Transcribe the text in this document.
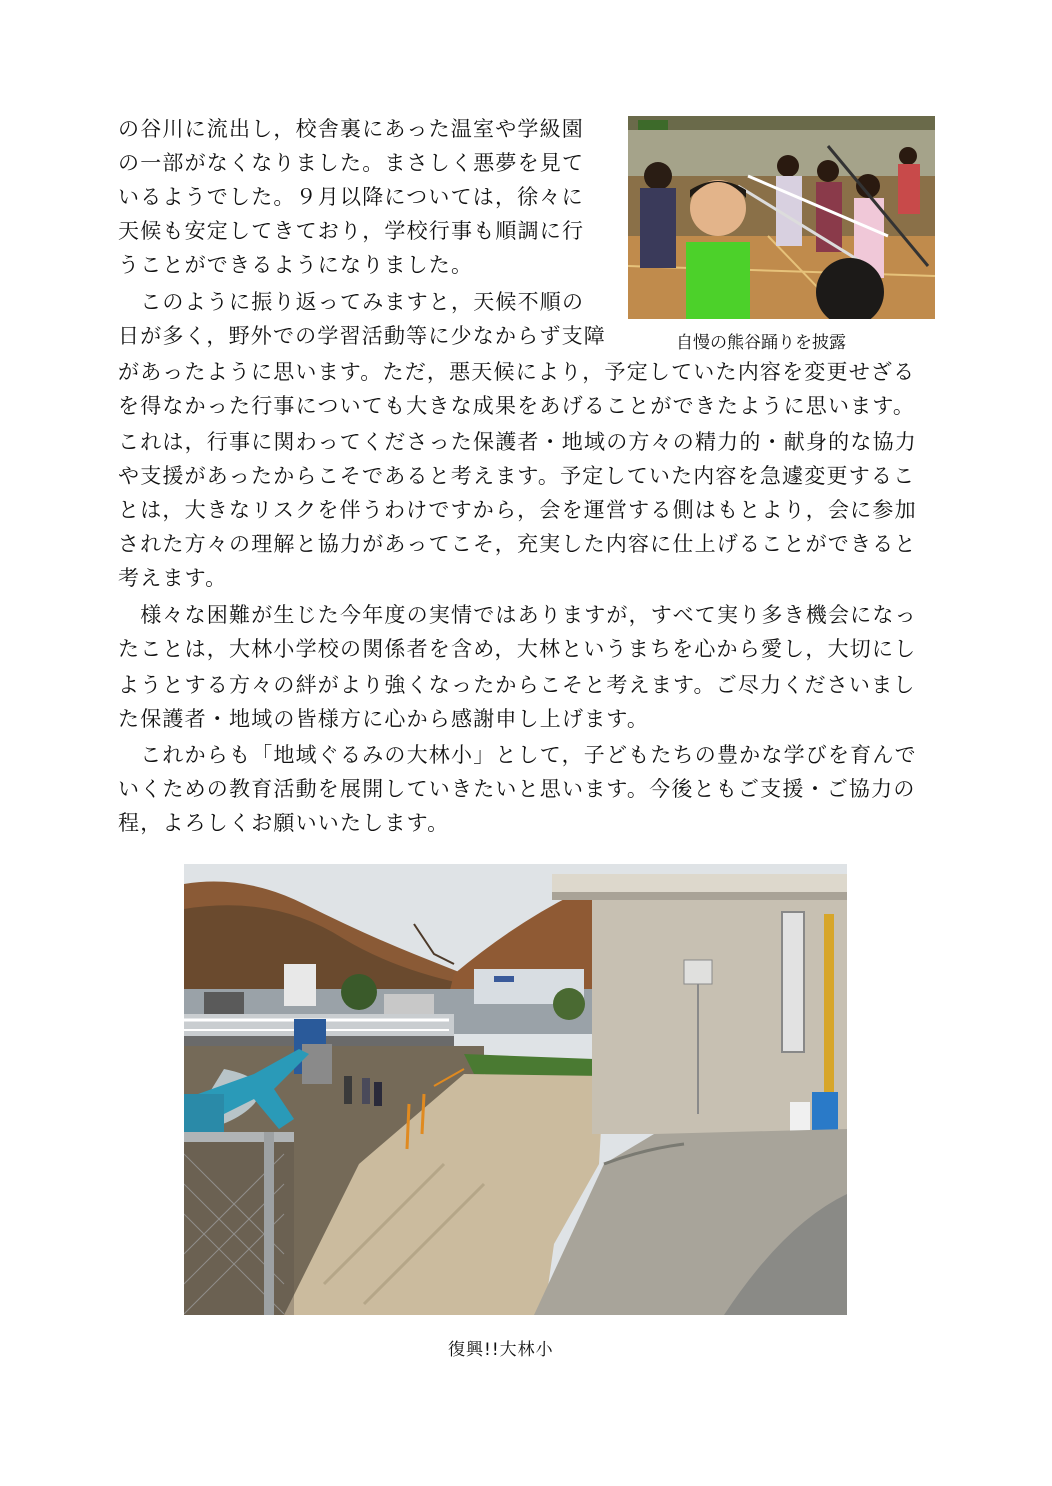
の谷川に流出し，校舎裏にあった温室や学級園
の一部がなくなりました。まさしく悪夢を見て
いるようでした。９月以降については，徐々に
天候も安定してきており，学校行事も順調に行
うことができるようになりました。
　このように振り返ってみますと，天候不順の
日が多く，野外での学習活動等に少なからず支障	自慢の熊谷踊りを披露
があったように思います。ただ，悪天候により，予定していた内容を変更せざる
を得なかった行事についても大きな成果をあげることができたように思います。
これは，行事に関わってくださった保護者・地域の方々の精力的・献身的な協力
や支援があったからこそであると考えます。予定していた内容を急遽変更するこ
とは，大きなリスクを伴うわけですから，会を運営する側はもとより，会に参加
された方々の理解と協力があってこそ，充実した内容に仕上げることができると
考えます。
　様々な困難が生じた今年度の実情ではありますが，すべて実り多き機会になっ
たことは，大林小学校の関係者を含め，大林というまちを心から愛し，大切にし
ようとする方々の絆がより強くなったからこそと考えます。ご尽力くださいまし
た保護者・地域の皆様方に心から感謝申し上げます。
　これからも「地域ぐるみの大林小」として，子どもたちの豊かな学びを育んで
いくための教育活動を展開していきたいと思います。今後ともご支援・ご協力の
程，よろしくお願いいたします。
復興!!大林小
